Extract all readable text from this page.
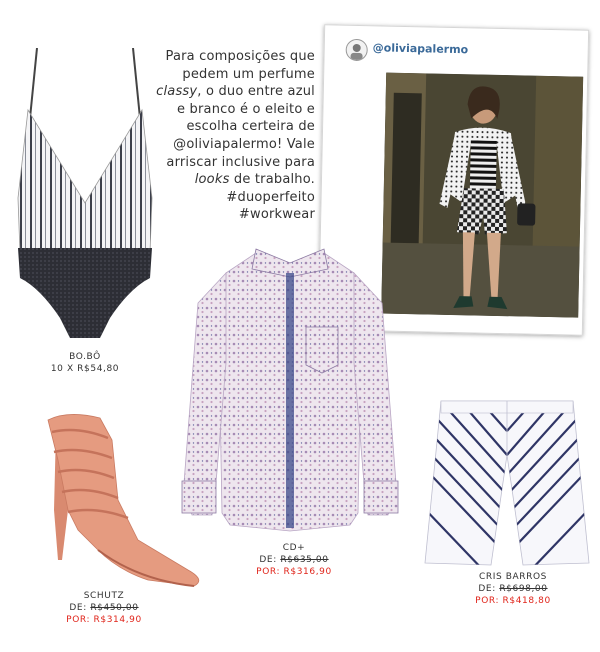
BO.BÔ
10 X R$54,80
Para composições que
pedem um perfume
classy, o duo entre azul
e branco é o eleito e
escolha certeira de
@oliviapalermo! Vale
arriscar inclusive para
looks de trabalho.
#duoperfeito
#workwear
@oliviapalermo
CD+
DE: R$635,00
POR: R$316,90
SCHUTZ
DE: R$450,00
POR: R$314,90
CRIS BARROS
DE: R$698,00
POR: R$418,80
